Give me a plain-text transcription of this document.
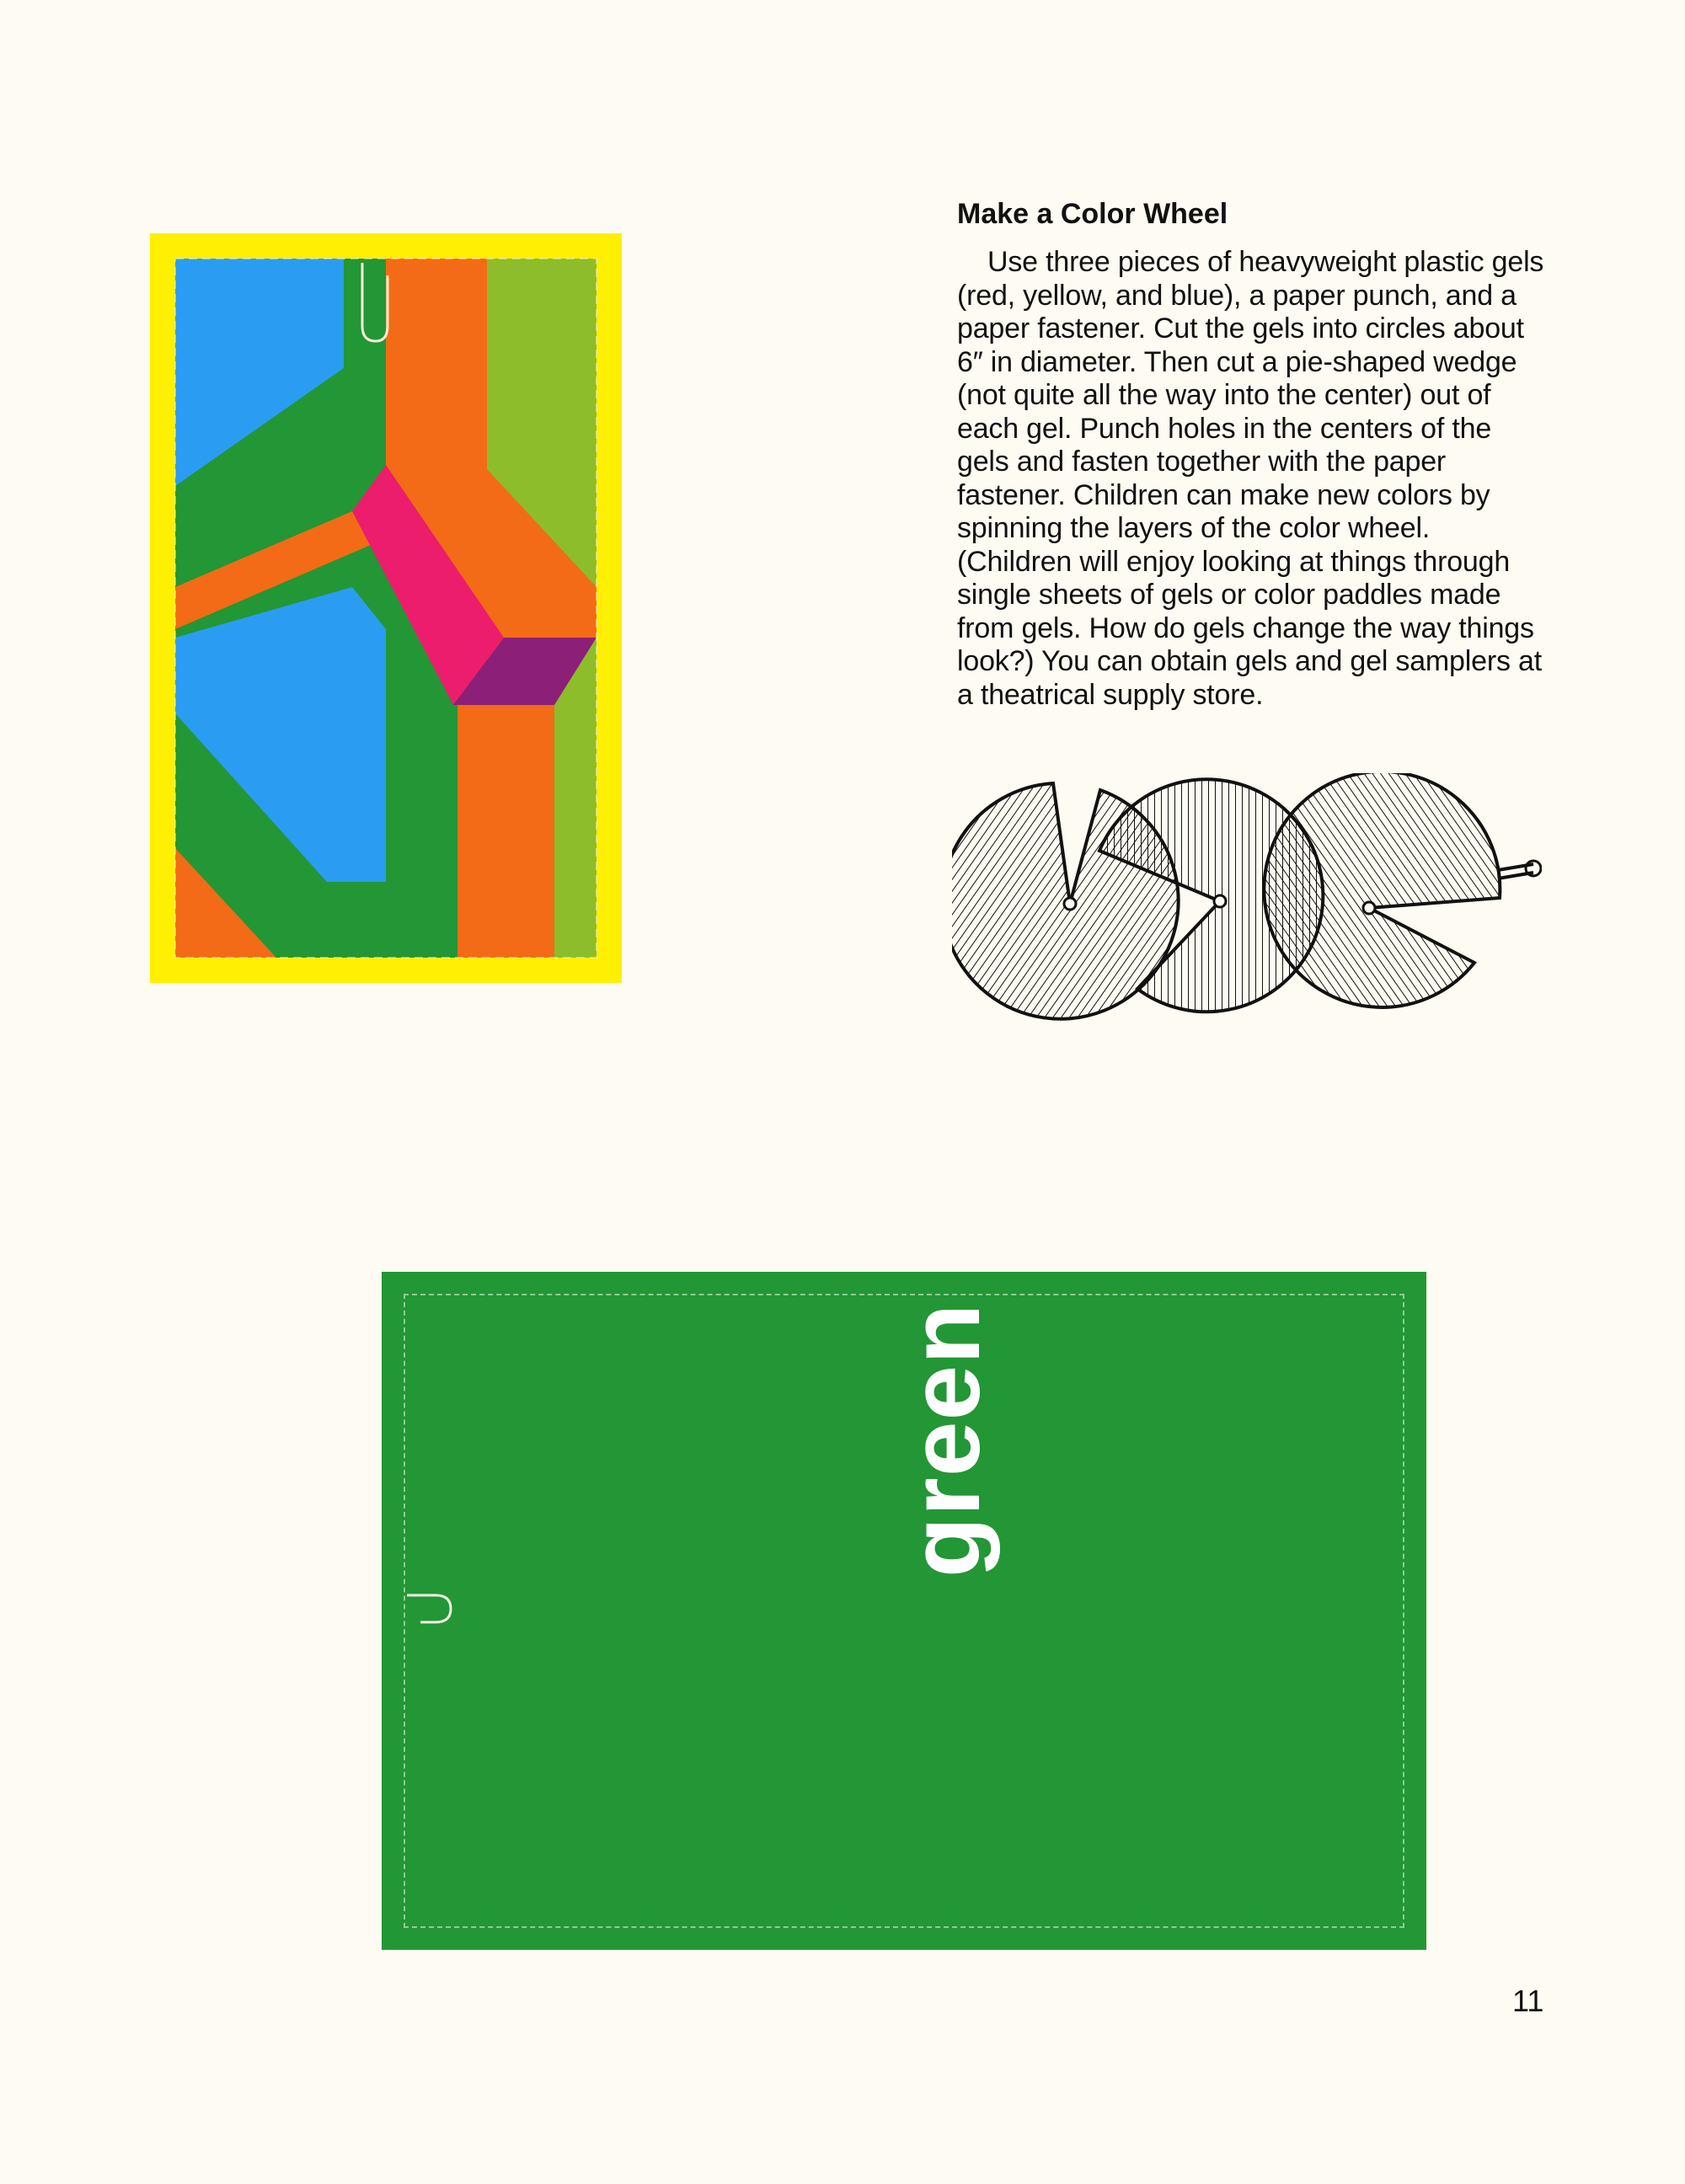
Make a Color Wheel

Use three pieces of heavyweight plastic gels (red, yellow, and blue), a paper punch, and a paper fastener. Cut the gels into circles about 6″ in diameter. Then cut a pie-shaped wedge (not quite all the way into the center) out of each gel. Punch holes in the centers of the gels and fasten together with the paper fastener. Children can make new colors by spinning the layers of the color wheel. (Children will enjoy looking at things through single sheets of gels or color paddles made from gels. How do gels change the way things look?) You can obtain gels and gel samplers at a theatrical supply store.

green
11
